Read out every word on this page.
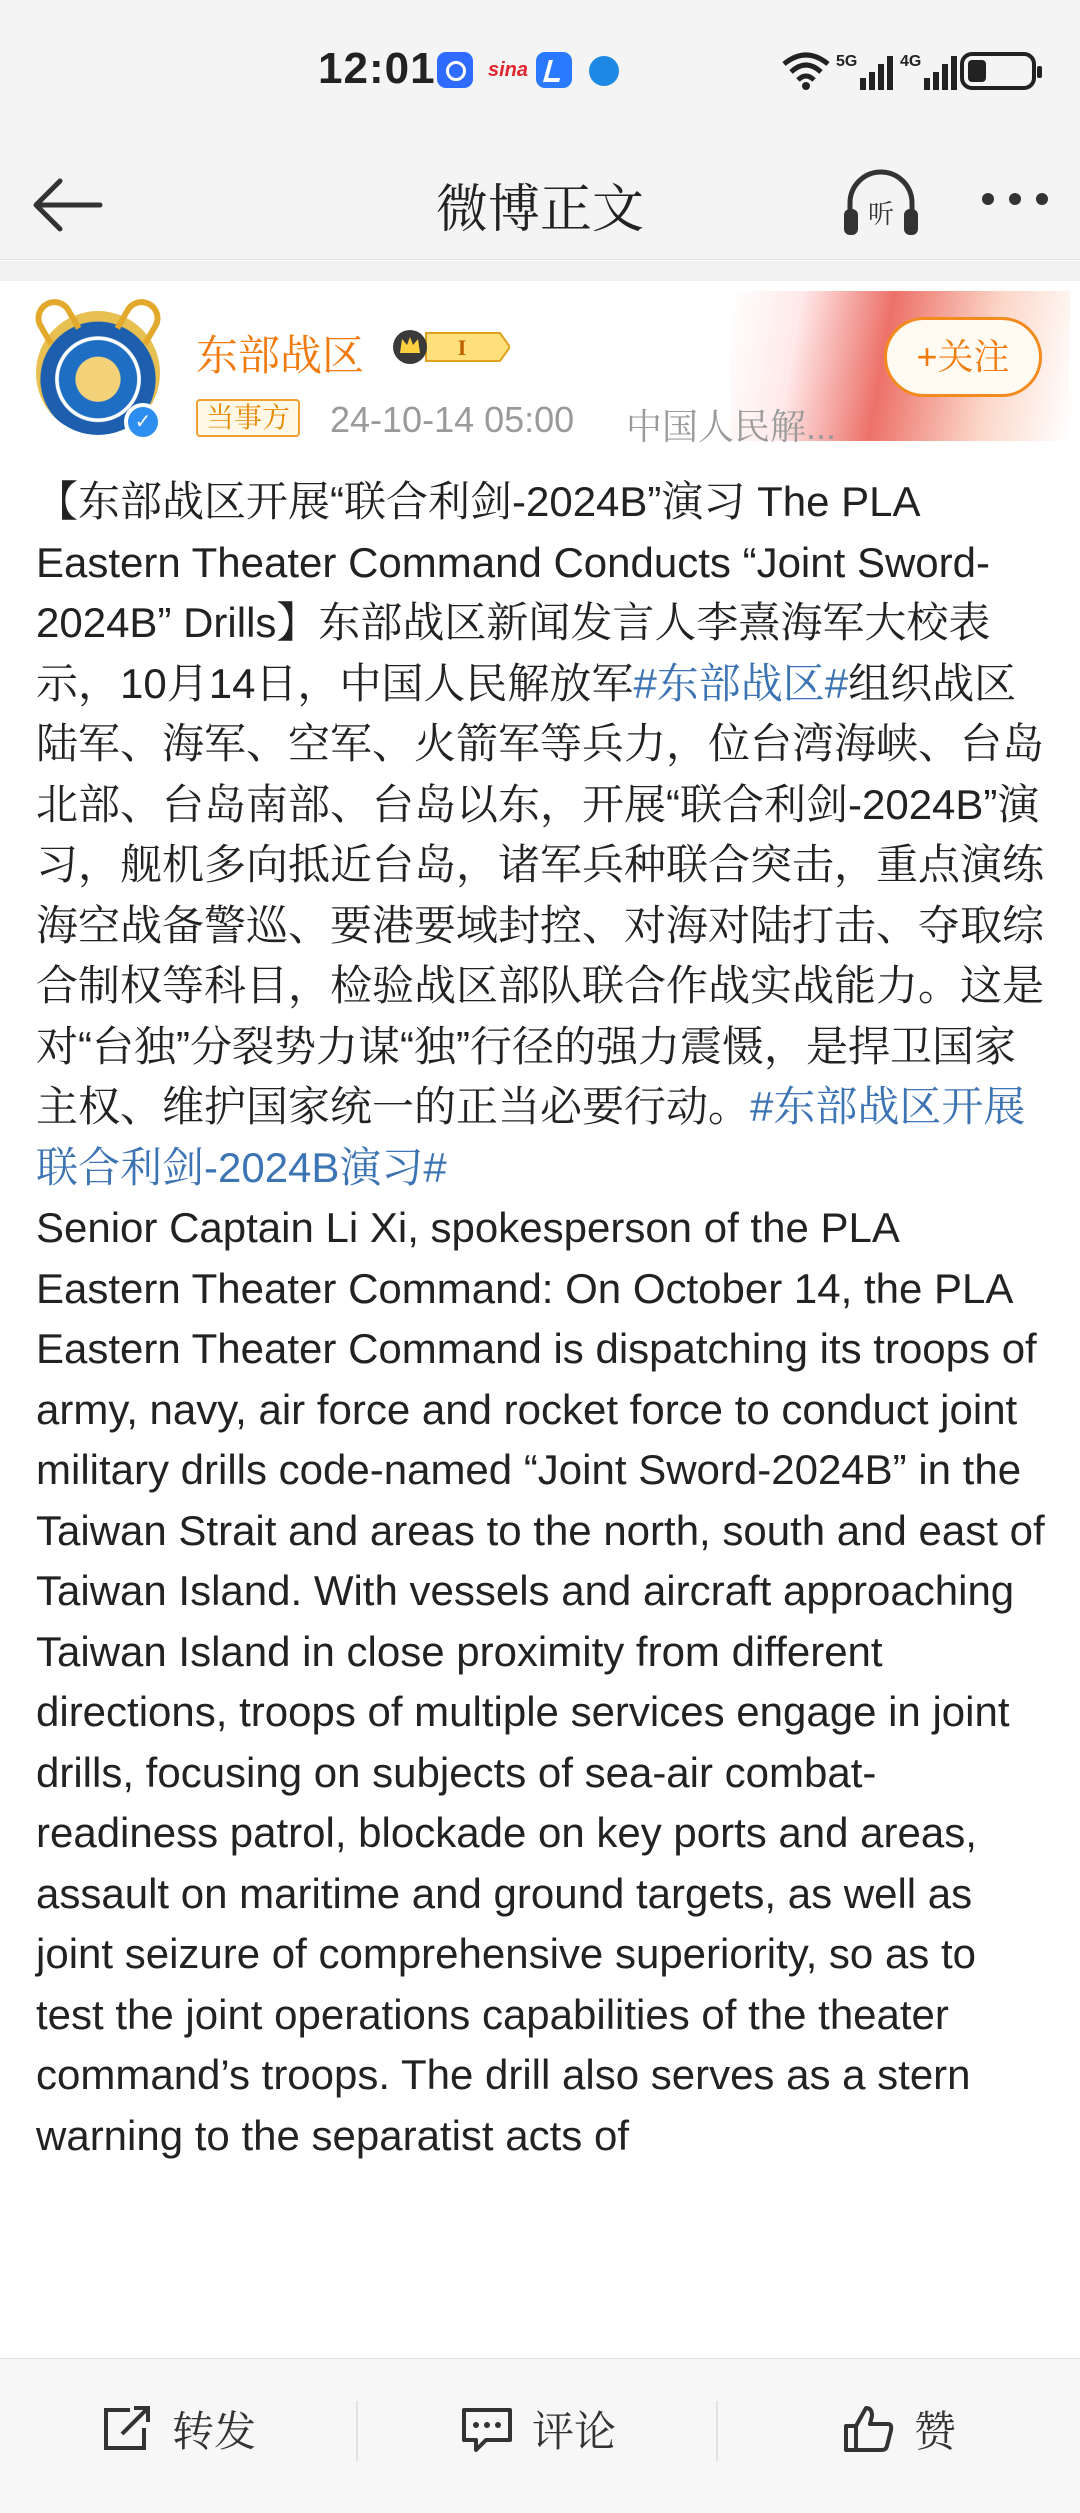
12:01	sina	5G	4G
微博正文	听
✓
东部战区	I
当事方 24-10-14 05:00 中国人民解...
+关注
【东部战区开展“联合利剑-2024B”演习 The PLA Eastern Theater Command Conducts “Joint Sword-2024B” Drills】东部战区新闻发言人李熹海军大校表示，10月14日，中国人民解放军#东部战区#组织战区陆军、海军、空军、火箭军等兵力，位台湾海峡、台岛北部、台岛南部、台岛以东，开展“联合利剑-2024B”演习，舰机多向抵近台岛，诸军兵种联合突击，重点演练海空战备警巡、要港要域封控、对海对陆打击、夺取综合制权等科目，检验战区部队联合作战实战能力。这是对“台独”分裂势力谋“独”行径的强力震慑，是捍卫国家主权、维护国家统一的正当必要行动。#东部战区开展联合利剑-2024B演习#
Senior Captain Li Xi, spokesperson of the PLA Eastern Theater Command: On October 14, the PLA Eastern Theater Command is dispatching its troops of army, navy, air force and rocket force to conduct joint military drills code-named “Joint Sword-2024B” in the Taiwan Strait and areas to the north, south and east of Taiwan Island. With vessels and aircraft approaching Taiwan Island in close proximity from different directions, troops of multiple services engage in joint drills, focusing on subjects of sea-air combat-readiness patrol, blockade on key ports and areas, assault on maritime and ground targets, as well as joint seizure of comprehensive superiority, so as to test the joint operations capabilities of the theater command’s troops. The drill also serves as a stern warning to the separatist acts of
转发	评论	赞
